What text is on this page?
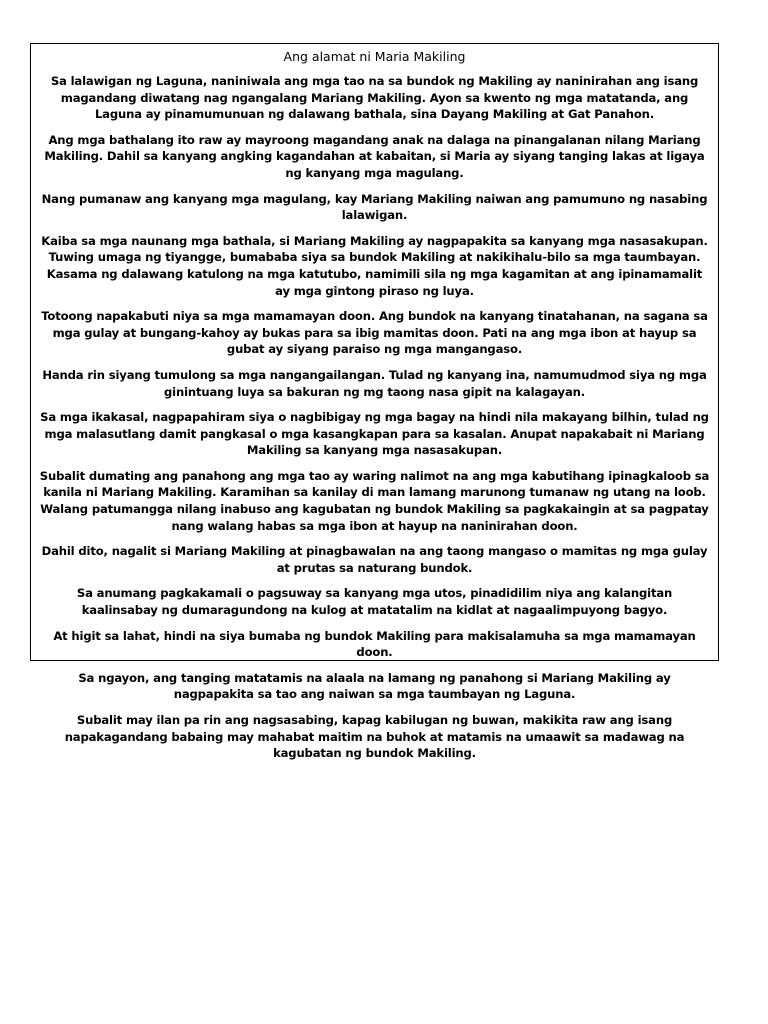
Ang alamat ni Maria Makiling

Sa lalawigan ng Laguna, naniniwala ang mga tao na sa bundok ng Makiling ay naninirahan ang isang magandang diwatang nag ngangalang Mariang Makiling. Ayon sa kwento ng mga matatanda, ang Laguna ay pinamumunuan ng dalawang bathala, sina Dayang Makiling at Gat Panahon.

Ang mga bathalang ito raw ay mayroong magandang anak na dalaga na pinangalanan nilang Mariang Makiling. Dahil sa kanyang angking kagandahan at kabaitan, si Maria ay siyang tanging lakas at ligaya ng kanyang mga magulang.

Nang pumanaw ang kanyang mga magulang, kay Mariang Makiling naiwan ang pamumuno ng nasabing lalawigan.

Kaiba sa mga naunang mga bathala, si Mariang Makiling ay nagpapakita sa kanyang mga nasasakupan. Tuwing umaga ng tiyangge, bumababa siya sa bundok Makiling at nakikihalu-bilo sa mga taumbayan. Kasama ng dalawang katulong na mga katutubo, namimili sila ng mga kagamitan at ang ipinamamalit ay mga gintong piraso ng luya.

Totoong napakabuti niya sa mga mamamayan doon. Ang bundok na kanyang tinatahanan, na sagana sa mga gulay at bungang-kahoy ay bukas para sa ibig mamitas doon. Pati na ang mga ibon at hayup sa gubat ay siyang paraiso ng mga mangangaso.

Handa rin siyang tumulong sa mga nangangailangan. Tulad ng kanyang ina, namumudmod siya ng mga ginintuang luya sa bakuran ng mg taong nasa gipit na kalagayan.

Sa mga ikakasal, nagpapahiram siya o nagbibigay ng mga bagay na hindi nila makayang bilhin, tulad ng mga malasutlang damit pangkasal o mga kasangkapan para sa kasalan. Anupat napakabait ni Mariang Makiling sa kanyang mga nasasakupan.

Subalit dumating ang panahong ang mga tao ay waring nalimot na ang mga kabutihang ipinagkaloob sa kanila ni Mariang Makiling. Karamihan sa kanilay di man lamang marunong tumanaw ng utang na loob. Walang patumangga nilang inabuso ang kagubatan ng bundok Makiling sa pagkakaingin at sa pagpatay nang walang habas sa mga ibon at hayup na naninirahan doon.

Dahil dito, nagalit si Mariang Makiling at pinagbawalan na ang taong mangaso o mamitas ng mga gulay at prutas sa naturang bundok.

Sa anumang pagkakamali o pagsuway sa kanyang mga utos, pinadidilim niya ang kalangitan kaalinsabay ng dumaragundong na kulog at matatalim na kidlat at nagaalimpuyong bagyo.

At higit sa lahat, hindi na siya bumaba ng bundok Makiling para makisalamuha sa mga mamamayan doon.

Sa ngayon, ang tanging matatamis na alaala na lamang ng panahong si Mariang Makiling ay nagpapakita sa tao ang naiwan sa mga taumbayan ng Laguna.

Subalit may ilan pa rin ang nagsasabing, kapag kabilugan ng buwan, makikita raw ang isang napakagandang babaing may mahabat maitim na buhok at matamis na umaawit sa madawag na kagubatan ng bundok Makiling.
